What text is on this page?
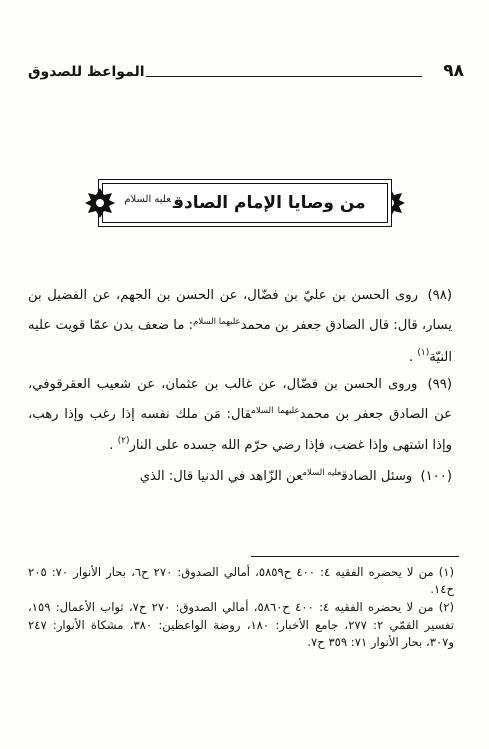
المواعظ للصدوق	٩٨
من وصايا الإمام الصادق$^{عليه السلام}$

(٩٨) روى الحسن بن عليّ بن فضّال، عن الحسن بن الجهم، عن الفضيل بن يسار، قال: قال الصادق جعفر بن محمد$^{عليهما السلام}$: ما ضعف بدن عمّا قويت عليه النيّة$^{(١)}$ .

(٩٩) وروى الحسن بن فضّال، عن غالب بن عثمان، عن شعيب العقرقوفي، عن الصادق جعفر بن محمد$^{عليهما السلام}$قال: مَن ملك نفسه إذا رغب وإذا رهب، وإذا اشتهى وإذا غضب، فإذا رضي حرّم الله جسده على النار$^{(٢)}$ .

(١٠٠) وسئل الصادق$^{عليه السلام}$عن الزّاهد في الدنيا قال: الذي

(١) من لا يحضره الفقيه ٤: ٤٠٠ ح٥٨٥٩، أمالي الصدوق: ٢٧٠ ح٦، بحار الأنوار ٧٠: ٢٠٥ ح١٤.

(٢) من لا يحضره الفقيه ٤: ٤٠٠ ح٥٨٦٠، أمالي الصدوق: ٢٧٠ ح٧، ثواب الأعمال: ١٥٩، تفسير القمّي ٢: ٢٧٧، جامع الأخبار: ١٨٠، روضة الواعظين: ٣٨٠، مشكاة الأنوار: ٢٤٧ و٣٠٧، بحار الأنوار ٧١: ٣٥٩ ح٧.
